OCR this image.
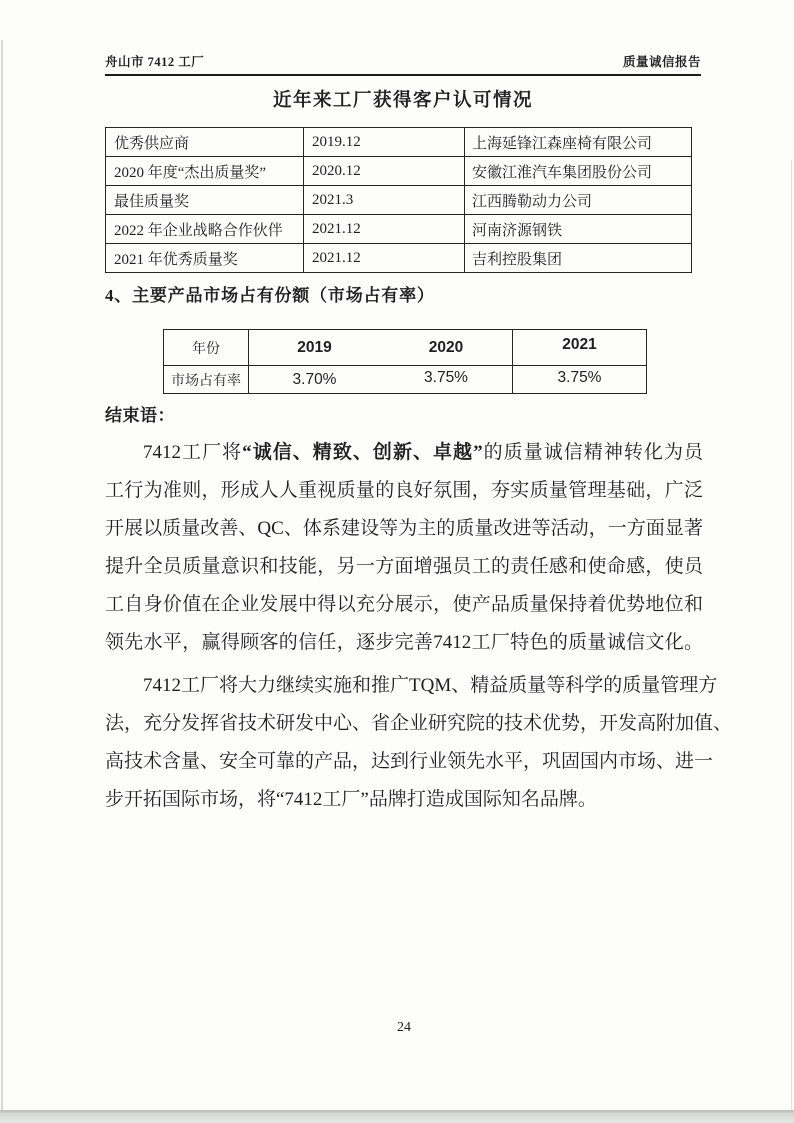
舟山市 7412 工厂	质量诚信报告
近年来工厂获得客户认可情况
优秀供应商	2019.12	上海延锋江森座椅有限公司
2020 年度“杰出质量奖”	2020.12	安徽江淮汽车集团股份公司
最佳质量奖	2021.3	江西腾勒动力公司
2022 年企业战略合作伙伴	2021.12	河南济源钢铁
2021 年优秀质量奖	2021.12	吉利控股集团
4、主要产品市场占有份额（市场占有率）
年份	2019	2020	2021
市场占有率	3.70%	3.75%	3.75%
结束语：
7412工厂将“诚信、精致、创新、卓越”的质量诚信精神转化为员
工行为准则，形成人人重视质量的良好氛围，夯实质量管理基础，广泛
开展以质量改善、QC、体系建设等为主的质量改进等活动，一方面显著
提升全员质量意识和技能，另一方面增强员工的责任感和使命感，使员
工自身价值在企业发展中得以充分展示，使产品质量保持着优势地位和
领先水平，赢得顾客的信任，逐步完善7412工厂特色的质量诚信文化。
7412工厂将大力继续实施和推广TQM、精益质量等科学的质量管理方
法，充分发挥省技术研发中心、省企业研究院的技术优势，开发高附加值、
高技术含量、安全可靠的产品，达到行业领先水平，巩固国内市场、进一
步开拓国际市场，将“7412工厂”品牌打造成国际知名品牌。
24
